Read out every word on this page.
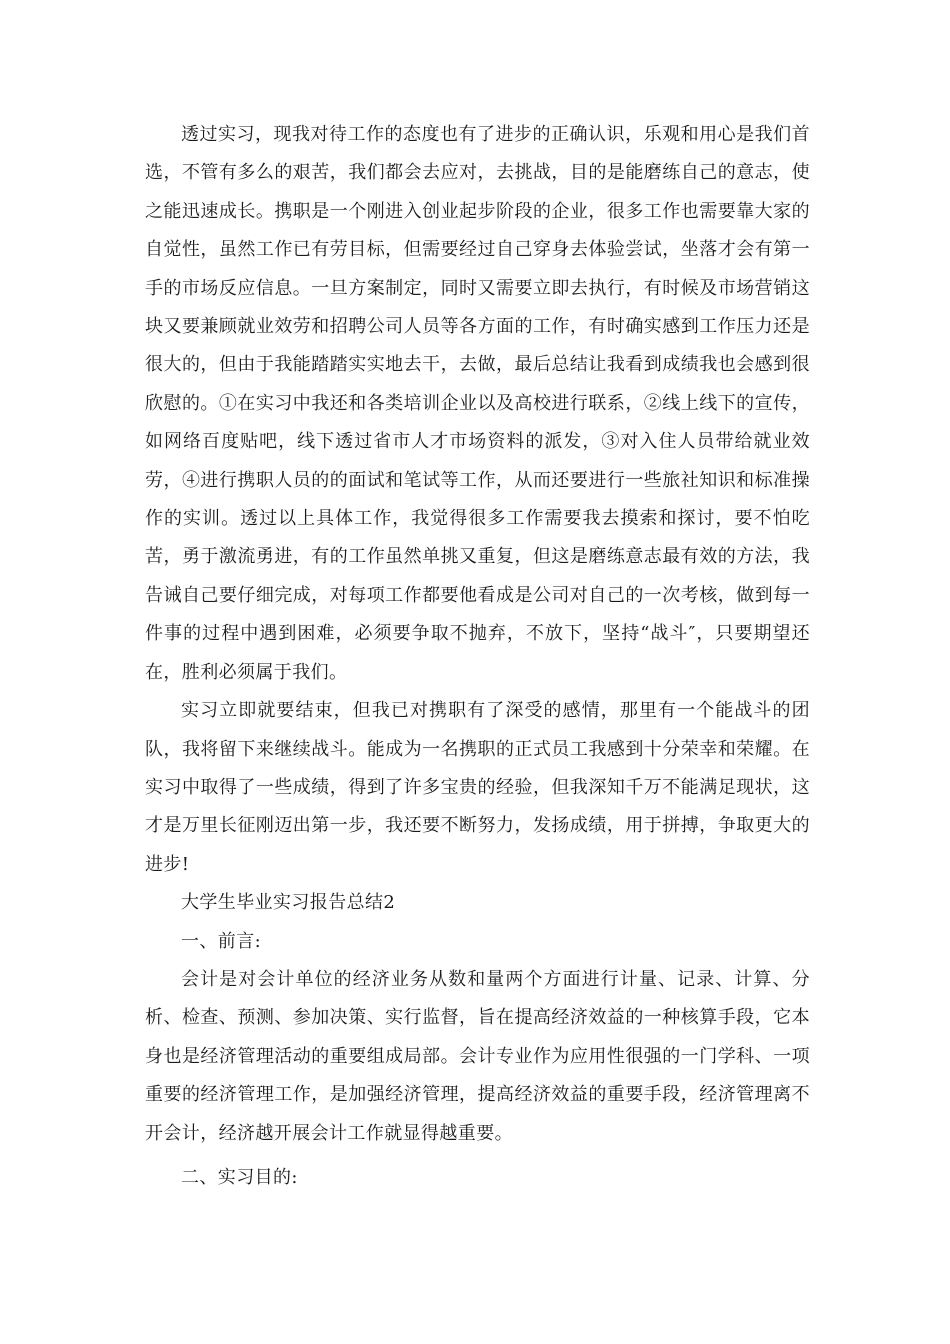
透过实习，现我对待工作的态度也有了进步的正确认识，乐观和用心是我们首选，不管有多么的艰苦，我们都会去应对，去挑战，目的是能磨练自己的意志，使之能迅速成长。携职是一个刚进入创业起步阶段的企业，很多工作也需要靠大家的自觉性，虽然工作已有劳目标，但需要经过自己穿身去体验尝试，坐落才会有第一手的市场反应信息。一旦方案制定，同时又需要立即去执行，有时候及市场营销这块又要兼顾就业效劳和招聘公司人员等各方面的工作，有时确实感到工作压力还是很大的，但由于我能踏踏实实地去干，去做，最后总结让我看到成绩我也会感到很欣慰的。①在实习中我还和各类培训企业以及高校进行联系，②线上线下的宣传，如网络百度贴吧，线下透过省市人才市场资料的派发，③对入住人员带给就业效劳，④进行携职人员的的面试和笔试等工作，从而还要进行一些旅社知识和标准操作的实训。透过以上具体工作，我觉得很多工作需要我去摸索和探讨，要不怕吃苦，勇于激流勇进，有的工作虽然单挑又重复，但这是磨练意志最有效的方法，我告诫自己要仔细完成，对每项工作都要他看成是公司对自己的一次考核，做到每一件事的过程中遇到困难，必须要争取不抛弃，不放下，坚持“战斗″，只要期望还在，胜利必须属于我们。

实习立即就要结束，但我已对携职有了深受的感情，那里有一个能战斗的团队，我将留下来继续战斗。能成为一名携职的正式员工我感到十分荣幸和荣耀。在实习中取得了一些成绩，得到了许多宝贵的经验，但我深知千万不能满足现状，这才是万里长征刚迈出第一步，我还要不断努力，发扬成绩，用于拼搏，争取更大的进步!

大学生毕业实习报告总结2

一、前言:

会计是对会计单位的经济业务从数和量两个方面进行计量、记录、计算、分析、检查、预测、参加决策、实行监督，旨在提高经济效益的一种核算手段，它本身也是经济管理活动的重要组成局部。会计专业作为应用性很强的一门学科、一项重要的经济管理工作，是加强经济管理，提高经济效益的重要手段，经济管理离不开会计，经济越开展会计工作就显得越重要。

二、实习目的:
